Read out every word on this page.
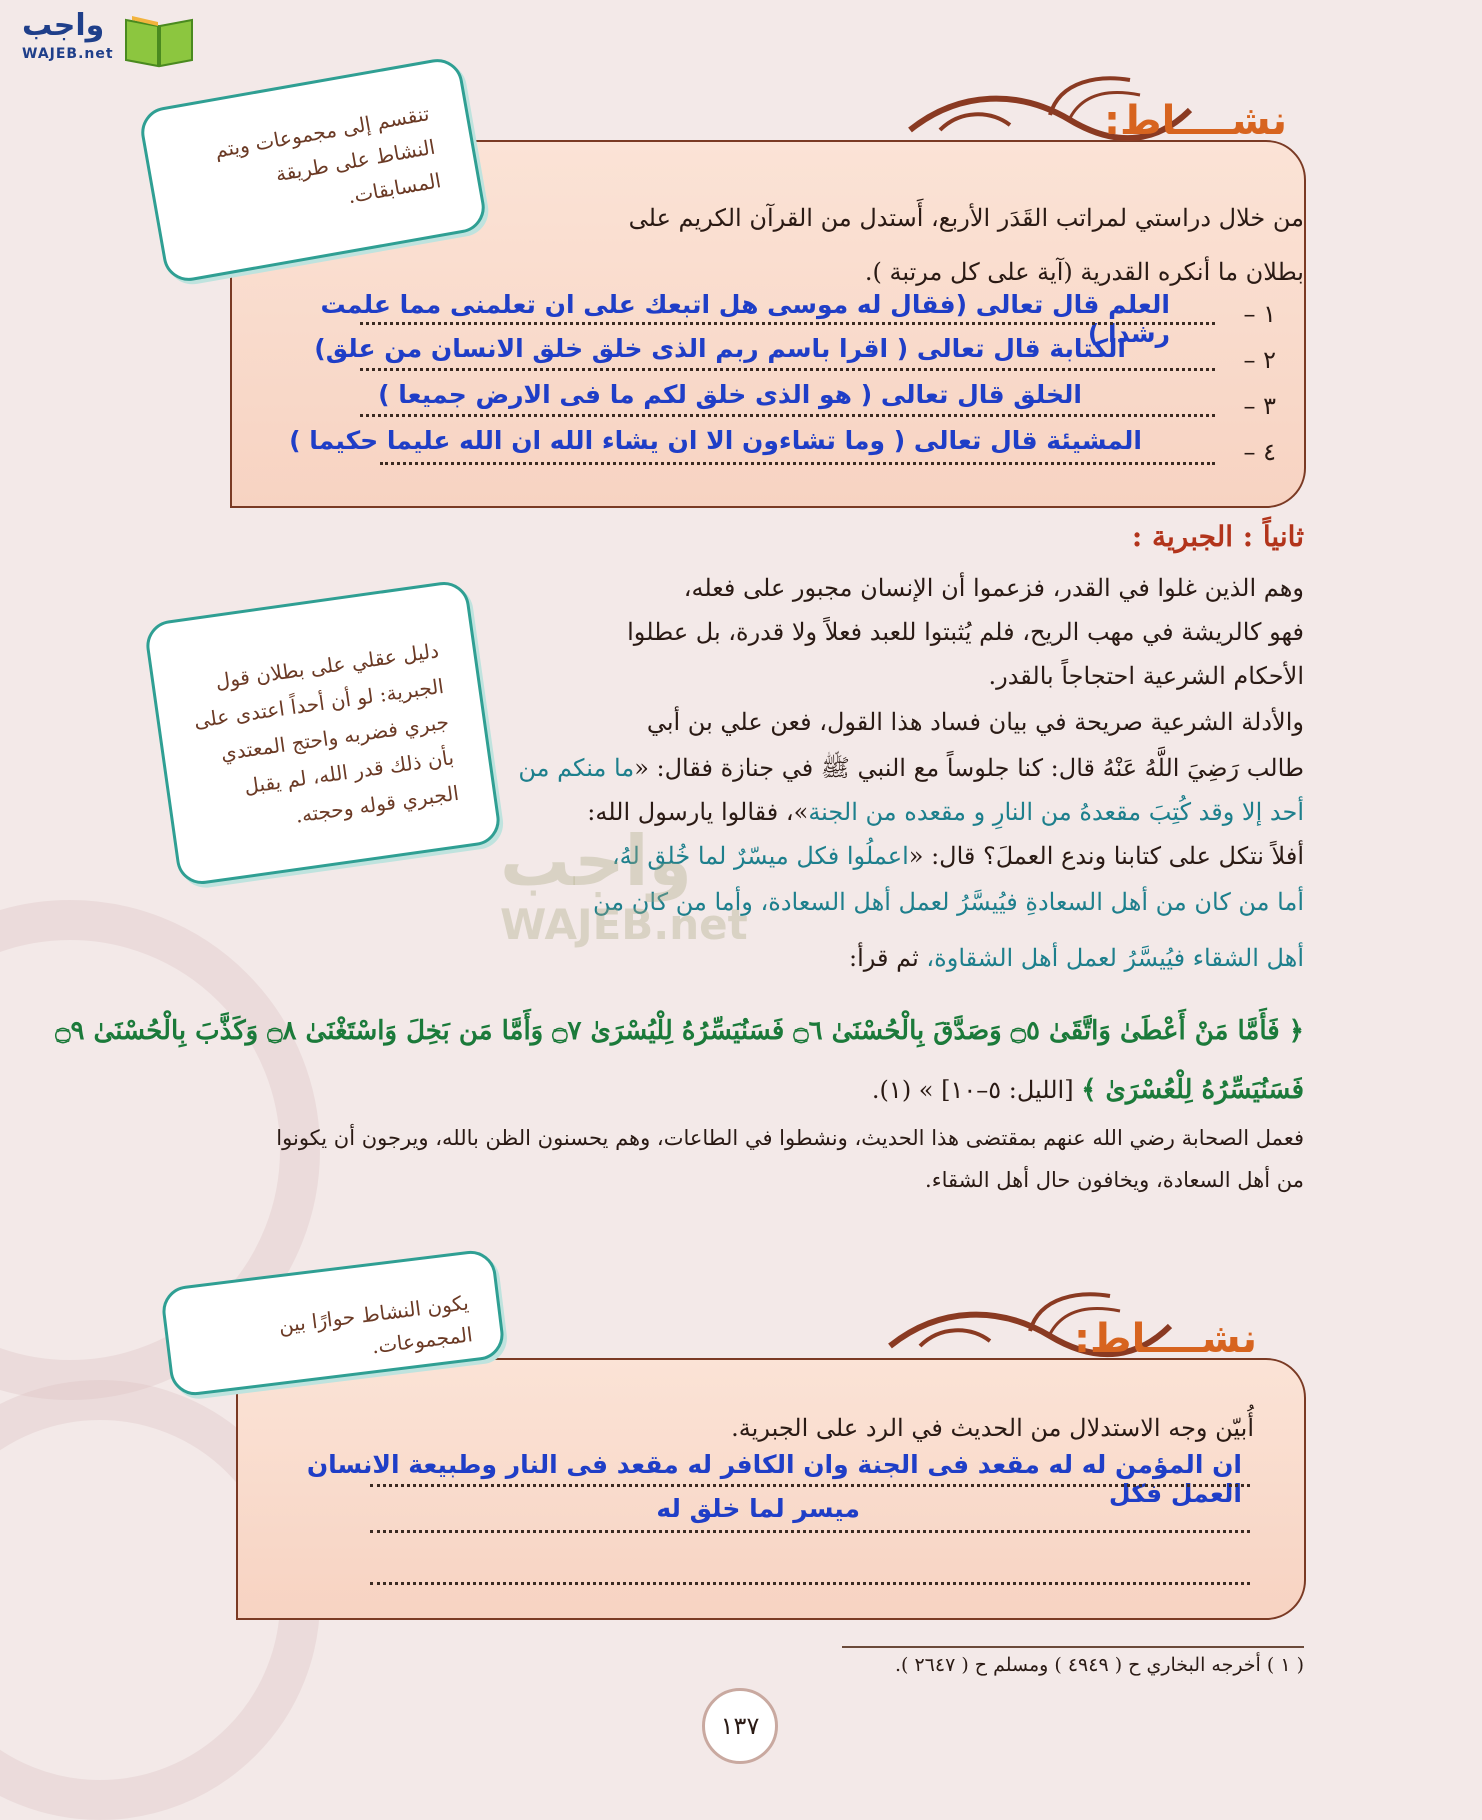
واجب
WAJEB.net
نشــــاط:
من خلال دراستي لمراتب القَدَر الأربع، أَستدل من القرآن الكريم على
بطلان ما أنكره القدرية (آية على كل مرتبة ).
١ –
العلم قال تعالى (فقال له موسى هل اتبعك على ان تعلمنى مما علمت رشدا )
٢ –
الكتابة قال تعالى ( اقرا باسم ربم الذى خلق خلق الانسان من علق)
٣ –
الخلق قال تعالى ( هو الذى خلق لكم ما فى الارض جميعا )
٤ –
المشيئة قال تعالى ( وما تشاءون الا ان يشاء الله ان الله عليما حكيما )
تنقسم إلى مجموعات ويتم النشاط على طريقة المسابقات.
ثانياً : الجبرية :
وهم الذين غلوا في القدر، فزعموا أن الإنسان مجبور على فعله،
فهو كالريشة في مهب الريح، فلم يُثبتوا للعبد فعلاً ولا قدرة، بل عطلوا
الأحكام الشرعية احتجاجاً بالقدر.
والأدلة الشرعية صريحة في بيان فساد هذا القول، فعن علي بن أبي
طالب رَضِيَ اللَّهُ عَنْهُ قال: كنا جلوساً مع النبي ﷺ في جنازة فقال: «ما منكم من
أحد إلا وقد كُتِبَ مقعدهُ من النارِ و مقعده من الجنة»، فقالوا يارسول الله:
أفلاً نتكل على كتابنا وندع العملَ؟ قال: «اعملُوا فكل ميسّرٌ لما خُلق لهُ،
أما من كان من أهل السعادةِ فيُيسَّرُ لعمل أهل السعادة، وأما من كان من
أهل الشقاء فيُيسَّرُ لعمل أهل الشقاوة، ثم قرأ:
واجب
WAJEB.net
﴿ فَأَمَّا مَنْ أَعْطَىٰ وَاتَّقَىٰ ۝٥ وَصَدَّقَ بِالْحُسْنَىٰ ۝٦ فَسَنُيَسِّرُهُ لِلْيُسْرَىٰ ۝٧ وَأَمَّا مَن بَخِلَ وَاسْتَغْنَىٰ ۝٨ وَكَذَّبَ بِالْحُسْنَىٰ ۝٩
فَسَنُيَسِّرُهُ لِلْعُسْرَىٰ ﴾ [الليل: ٥–١٠] » (١).
فعمل الصحابة رضي الله عنهم بمقتضى هذا الحديث، ونشطوا في الطاعات، وهم يحسنون الظن بالله، ويرجون أن يكونوا
من أهل السعادة، ويخافون حال أهل الشقاء.
دليل عقلي على بطلان قول الجبرية: لو أن أحداً اعتدى على جبري فضربه واحتج المعتدي بأن ذلك قدر الله، لم يقبل الجبري قوله وحجته.
نشــــاط:
أُبيّن وجه الاستدلال من الحديث في الرد على الجبرية.
ان المؤمن له له مقعد فى الجنة وان الكافر له مقعد فى النار وطبيعة الانسان العمل فكل
ميسر لما خلق له
يكون النشاط حوارًا بين المجموعات.
( ١ ) أخرجه البخاري ح ( ٤٩٤٩ ) ومسلم ح ( ٢٦٤٧ ).
١٣٧
